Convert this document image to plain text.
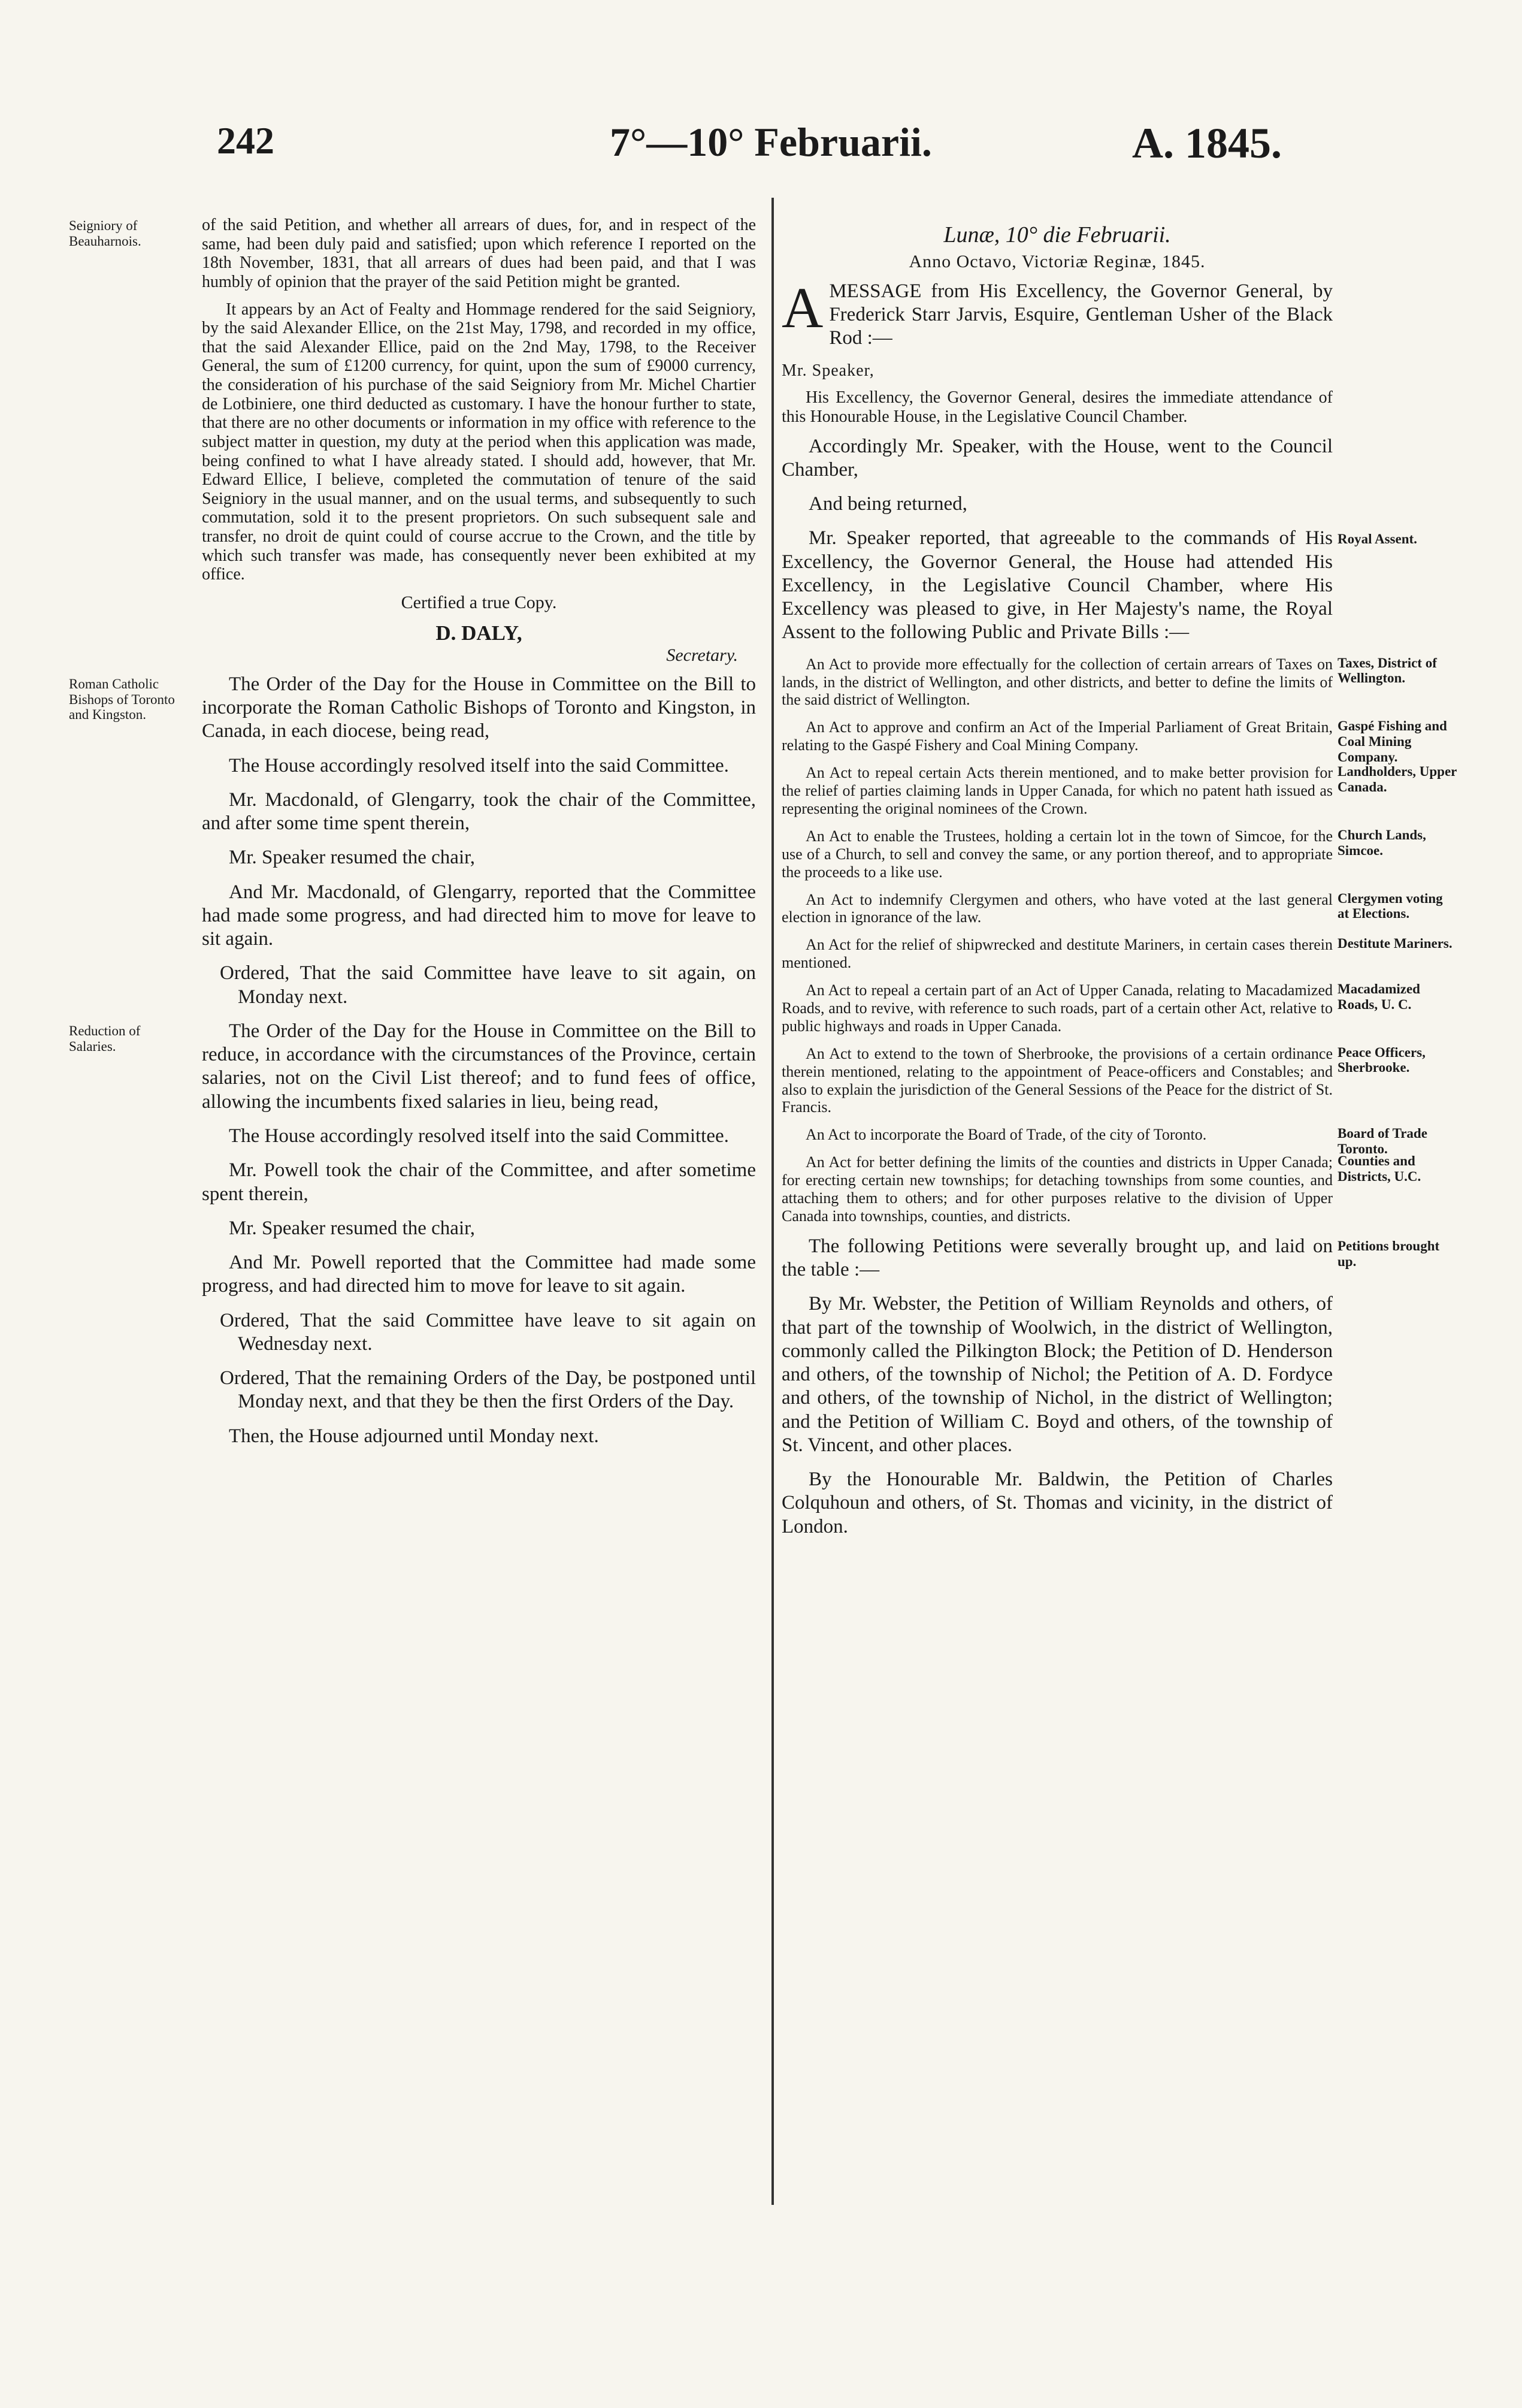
242	7°—10° Februarii.	A. 1845.
Seigniory of Beauharnois.

of the said Petition, and whether all arrears of dues, for, and in respect of the same, had been duly paid and satisfied; upon which reference I reported on the 18th November, 1831, that all arrears of dues had been paid, and that I was humbly of opinion that the prayer of the said Petition might be granted.

It appears by an Act of Fealty and Hommage rendered for the said Seigniory, by the said Alexander Ellice, on the 21st May, 1798, and recorded in my office, that the said Alexander Ellice, paid on the 2nd May, 1798, to the Receiver General, the sum of £1200 currency, for quint, upon the sum of £9000 currency, the consideration of his purchase of the said Seigniory from Mr. Michel Chartier de Lotbiniere, one third deducted as customary. I have the honour further to state, that there are no other documents or information in my office with reference to the subject matter in question, my duty at the period when this application was made, being confined to what I have already stated. I should add, however, that Mr. Edward Ellice, I believe, completed the commutation of tenure of the said Seigniory in the usual manner, and on the usual terms, and subsequently to such commutation, sold it to the present proprietors. On such subsequent sale and transfer, no droit de quint could of course accrue to the Crown, and the title by which such transfer was made, has consequently never been exhibited at my office.

Certified a true Copy.

D. DALY,
Secretary.
Roman Catholic Bishops of Toronto and Kingston.

The Order of the Day for the House in Committee on the Bill to incorporate the Roman Catholic Bishops of Toronto and Kingston, in Canada, in each diocese, being read,

The House accordingly resolved itself into the said Committee.

Mr. Macdonald, of Glengarry, took the chair of the Committee, and after some time spent therein,

Mr. Speaker resumed the chair,

And Mr. Macdonald, of Glengarry, reported that the Committee had made some progress, and had directed him to move for leave to sit again.

Ordered, That the said Committee have leave to sit again, on Monday next.

Reduction of Salaries.

The Order of the Day for the House in Committee on the Bill to reduce, in accordance with the circumstances of the Province, certain salaries, not on the Civil List thereof; and to fund fees of office, allowing the incumbents fixed salaries in lieu, being read,

The House accordingly resolved itself into the said Committee.

Mr. Powell took the chair of the Committee, and after sometime spent therein,

Mr. Speaker resumed the chair,

And Mr. Powell reported that the Committee had made some progress, and had directed him to move for leave to sit again.

Ordered, That the said Committee have leave to sit again on Wednesday next.

Ordered, That the remaining Orders of the Day, be postponed until Monday next, and that they be then the first Orders of the Day.

Then, the House adjourned until Monday next.

Lunæ, 10° die Februarii.

Anno Octavo, Victoriæ Reginæ, 1845.

AMESSAGE from His Excellency, the Governor General, by Frederick Starr Jarvis, Esquire, Gentleman Usher of the Black Rod :—

Mr. Speaker,

His Excellency, the Governor General, desires the immediate attendance of this Honourable House, in the Legislative Council Chamber.

Accordingly Mr. Speaker, with the House, went to the Council Chamber,

And being returned,

Royal Assent.

Mr. Speaker reported, that agreeable to the commands of His Excellency, the Governor General, the House had attended His Excellency, in the Legislative Council Chamber, where His Excellency was pleased to give, in Her Majesty's name, the Royal Assent to the following Public and Private Bills :—

Taxes, District of Wellington.

An Act to provide more effectually for the collection of certain arrears of Taxes on lands, in the district of Wellington, and other districts, and better to define the limits of the said district of Wellington.

Gaspé Fishing and Coal Mining Company.

An Act to approve and confirm an Act of the Imperial Parliament of Great Britain, relating to the Gaspé Fishery and Coal Mining Company.

Landholders, Upper Canada.

An Act to repeal certain Acts therein mentioned, and to make better provision for the relief of parties claiming lands in Upper Canada, for which no patent hath issued as representing the original nominees of the Crown.

Church Lands, Simcoe.

An Act to enable the Trustees, holding a certain lot in the town of Simcoe, for the use of a Church, to sell and convey the same, or any portion thereof, and to appropriate the proceeds to a like use.

Clergymen voting at Elections.

An Act to indemnify Clergymen and others, who have voted at the last general election in ignorance of the law.

Destitute Mariners.

An Act for the relief of shipwrecked and destitute Mariners, in certain cases therein mentioned.

Macadamized Roads, U. C.

An Act to repeal a certain part of an Act of Upper Canada, relating to Macadamized Roads, and to revive, with reference to such roads, part of a certain other Act, relative to public highways and roads in Upper Canada.

Peace Officers, Sherbrooke.

An Act to extend to the town of Sherbrooke, the provisions of a certain ordinance therein mentioned, relating to the appointment of Peace-officers and Constables; and also to explain the jurisdiction of the General Sessions of the Peace for the district of St. Francis.

Board of Trade Toronto.

An Act to incorporate the Board of Trade, of the city of Toronto.

Counties and Districts, U.C.

An Act for better defining the limits of the counties and districts in Upper Canada; for erecting certain new townships; for detaching townships from some counties, and attaching them to others; and for other purposes relative to the division of Upper Canada into townships, counties, and districts.

Petitions brought up.

The following Petitions were severally brought up, and laid on the table :—

By Mr. Webster, the Petition of William Reynolds and others, of that part of the township of Woolwich, in the district of Wellington, commonly called the Pilkington Block; the Petition of D. Henderson and others, of the township of Nichol; the Petition of A. D. Fordyce and others, of the township of Nichol, in the district of Wellington; and the Petition of William C. Boyd and others, of the township of St. Vincent, and other places.

By the Honourable Mr. Baldwin, the Petition of Charles Colquhoun and others, of St. Thomas and vicinity, in the district of London.
